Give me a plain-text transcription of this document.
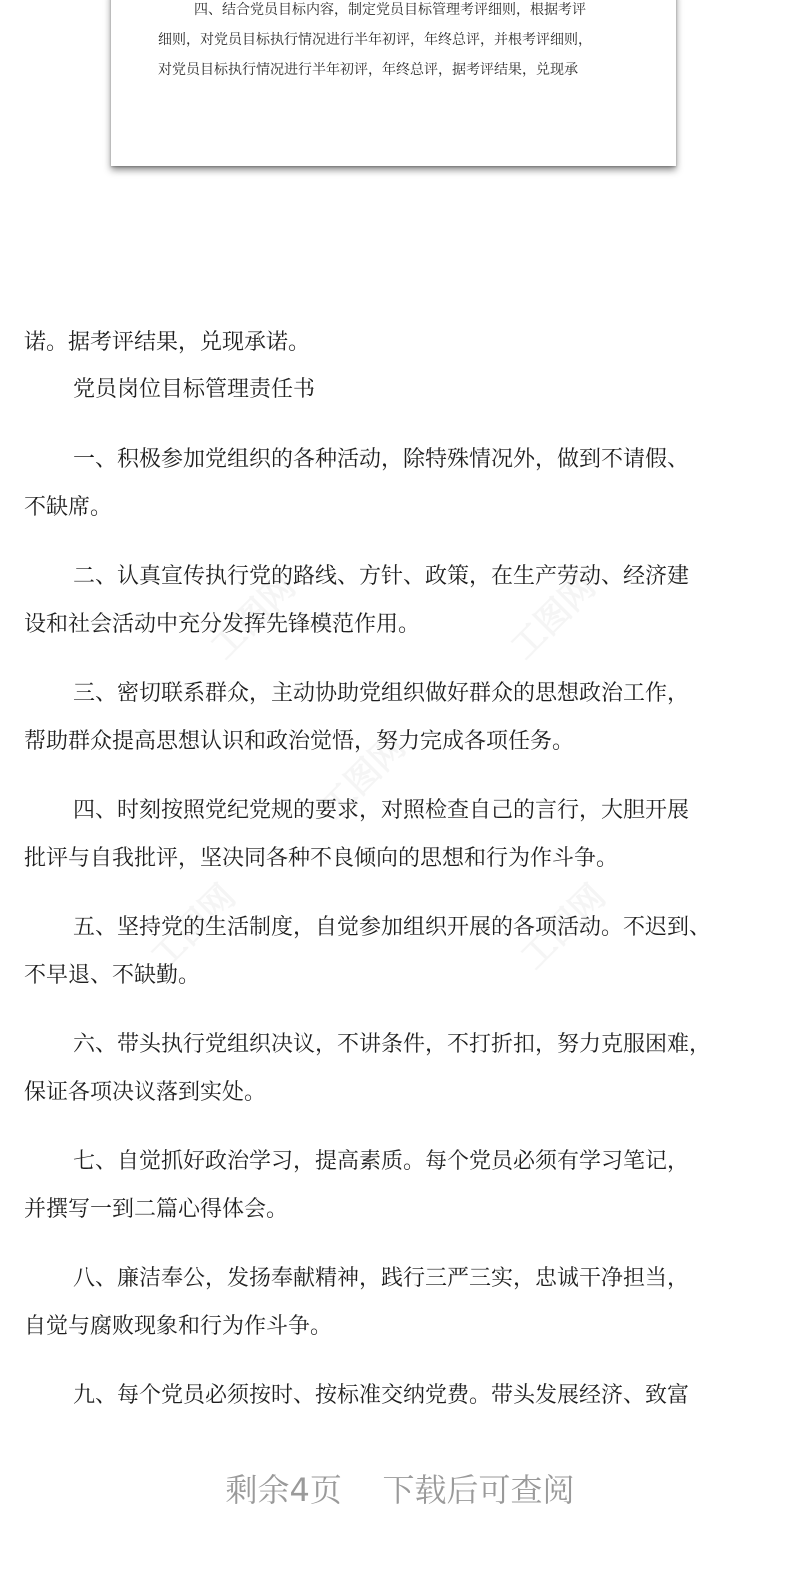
四、结合党员目标内容，制定党员目标管理考评细则，根据考评
细则，对党员目标执行情况进行半年初评，年终总评，并根考评细则，
对党员目标执行情况进行半年初评，年终总评，据考评结果，兑现承
工图网	工图网
工图网
工图网	工图网
诺。据考评结果，兑现承诺。
党员岗位目标管理责任书
一、积极参加党组织的各种活动，除特殊情况外，做到不请假、
不缺席。
二、认真宣传执行党的路线、方针、政策，在生产劳动、经济建
设和社会活动中充分发挥先锋模范作用。
三、密切联系群众，主动协助党组织做好群众的思想政治工作，
帮助群众提高思想认识和政治觉悟，努力完成各项任务。
四、时刻按照党纪党规的要求，对照检查自己的言行，大胆开展
批评与自我批评，坚决同各种不良倾向的思想和行为作斗争。
五、坚持党的生活制度，自觉参加组织开展的各项活动。不迟到、
不早退、不缺勤。
六、带头执行党组织决议，不讲条件，不打折扣，努力克服困难，
保证各项决议落到实处。
七、自觉抓好政治学习，提高素质。每个党员必须有学习笔记，
并撰写一到二篇心得体会。
八、廉洁奉公，发扬奉献精神，践行三严三实，忠诚干净担当，
自觉与腐败现象和行为作斗争。
九、每个党员必须按时、按标准交纳党费。带头发展经济、致富
剩余4页 下载后可查阅
